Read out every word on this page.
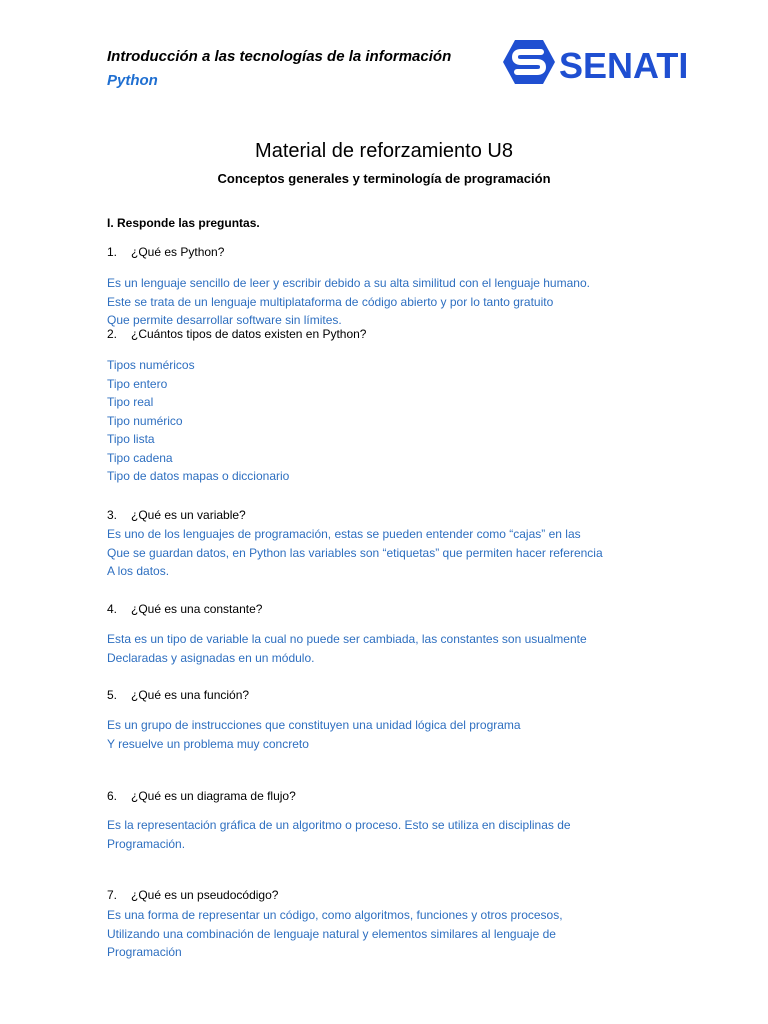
Introducción a las tecnologías de la información
Python	SENATI
Material de reforzamiento U8
Conceptos generales y terminología de programación
I. Responde las preguntas.
1. ¿Qué es Python?
Es un lenguaje sencillo de leer y escribir debido a su alta similitud con el lenguaje humano.
Este se trata de un lenguaje multiplataforma de código abierto y por lo tanto gratuito
Que permite desarrollar software sin límites.
2. ¿Cuántos tipos de datos existen en Python?
Tipos numéricos
Tipo entero
Tipo real
Tipo numérico
Tipo lista
Tipo cadena
Tipo de datos mapas o diccionario
3. ¿Qué es un variable?
Es uno de los lenguajes de programación, estas se pueden entender como “cajas” en las
Que se guardan datos, en Python las variables son “etiquetas” que permiten hacer referencia
A los datos.
4. ¿Qué es una constante?
Esta es un tipo de variable la cual no puede ser cambiada, las constantes son usualmente
Declaradas y asignadas en un módulo.
5. ¿Qué es una función?
Es un grupo de instrucciones que constituyen una unidad lógica del programa
Y resuelve un problema muy concreto
6. ¿Qué es un diagrama de flujo?
Es la representación gráfica de un algoritmo o proceso. Esto se utiliza en disciplinas de
Programación.
7. ¿Qué es un pseudocódigo?
Es una forma de representar un código, como algoritmos, funciones y otros procesos,
Utilizando una combinación de lenguaje natural y elementos similares al lenguaje de
Programación
